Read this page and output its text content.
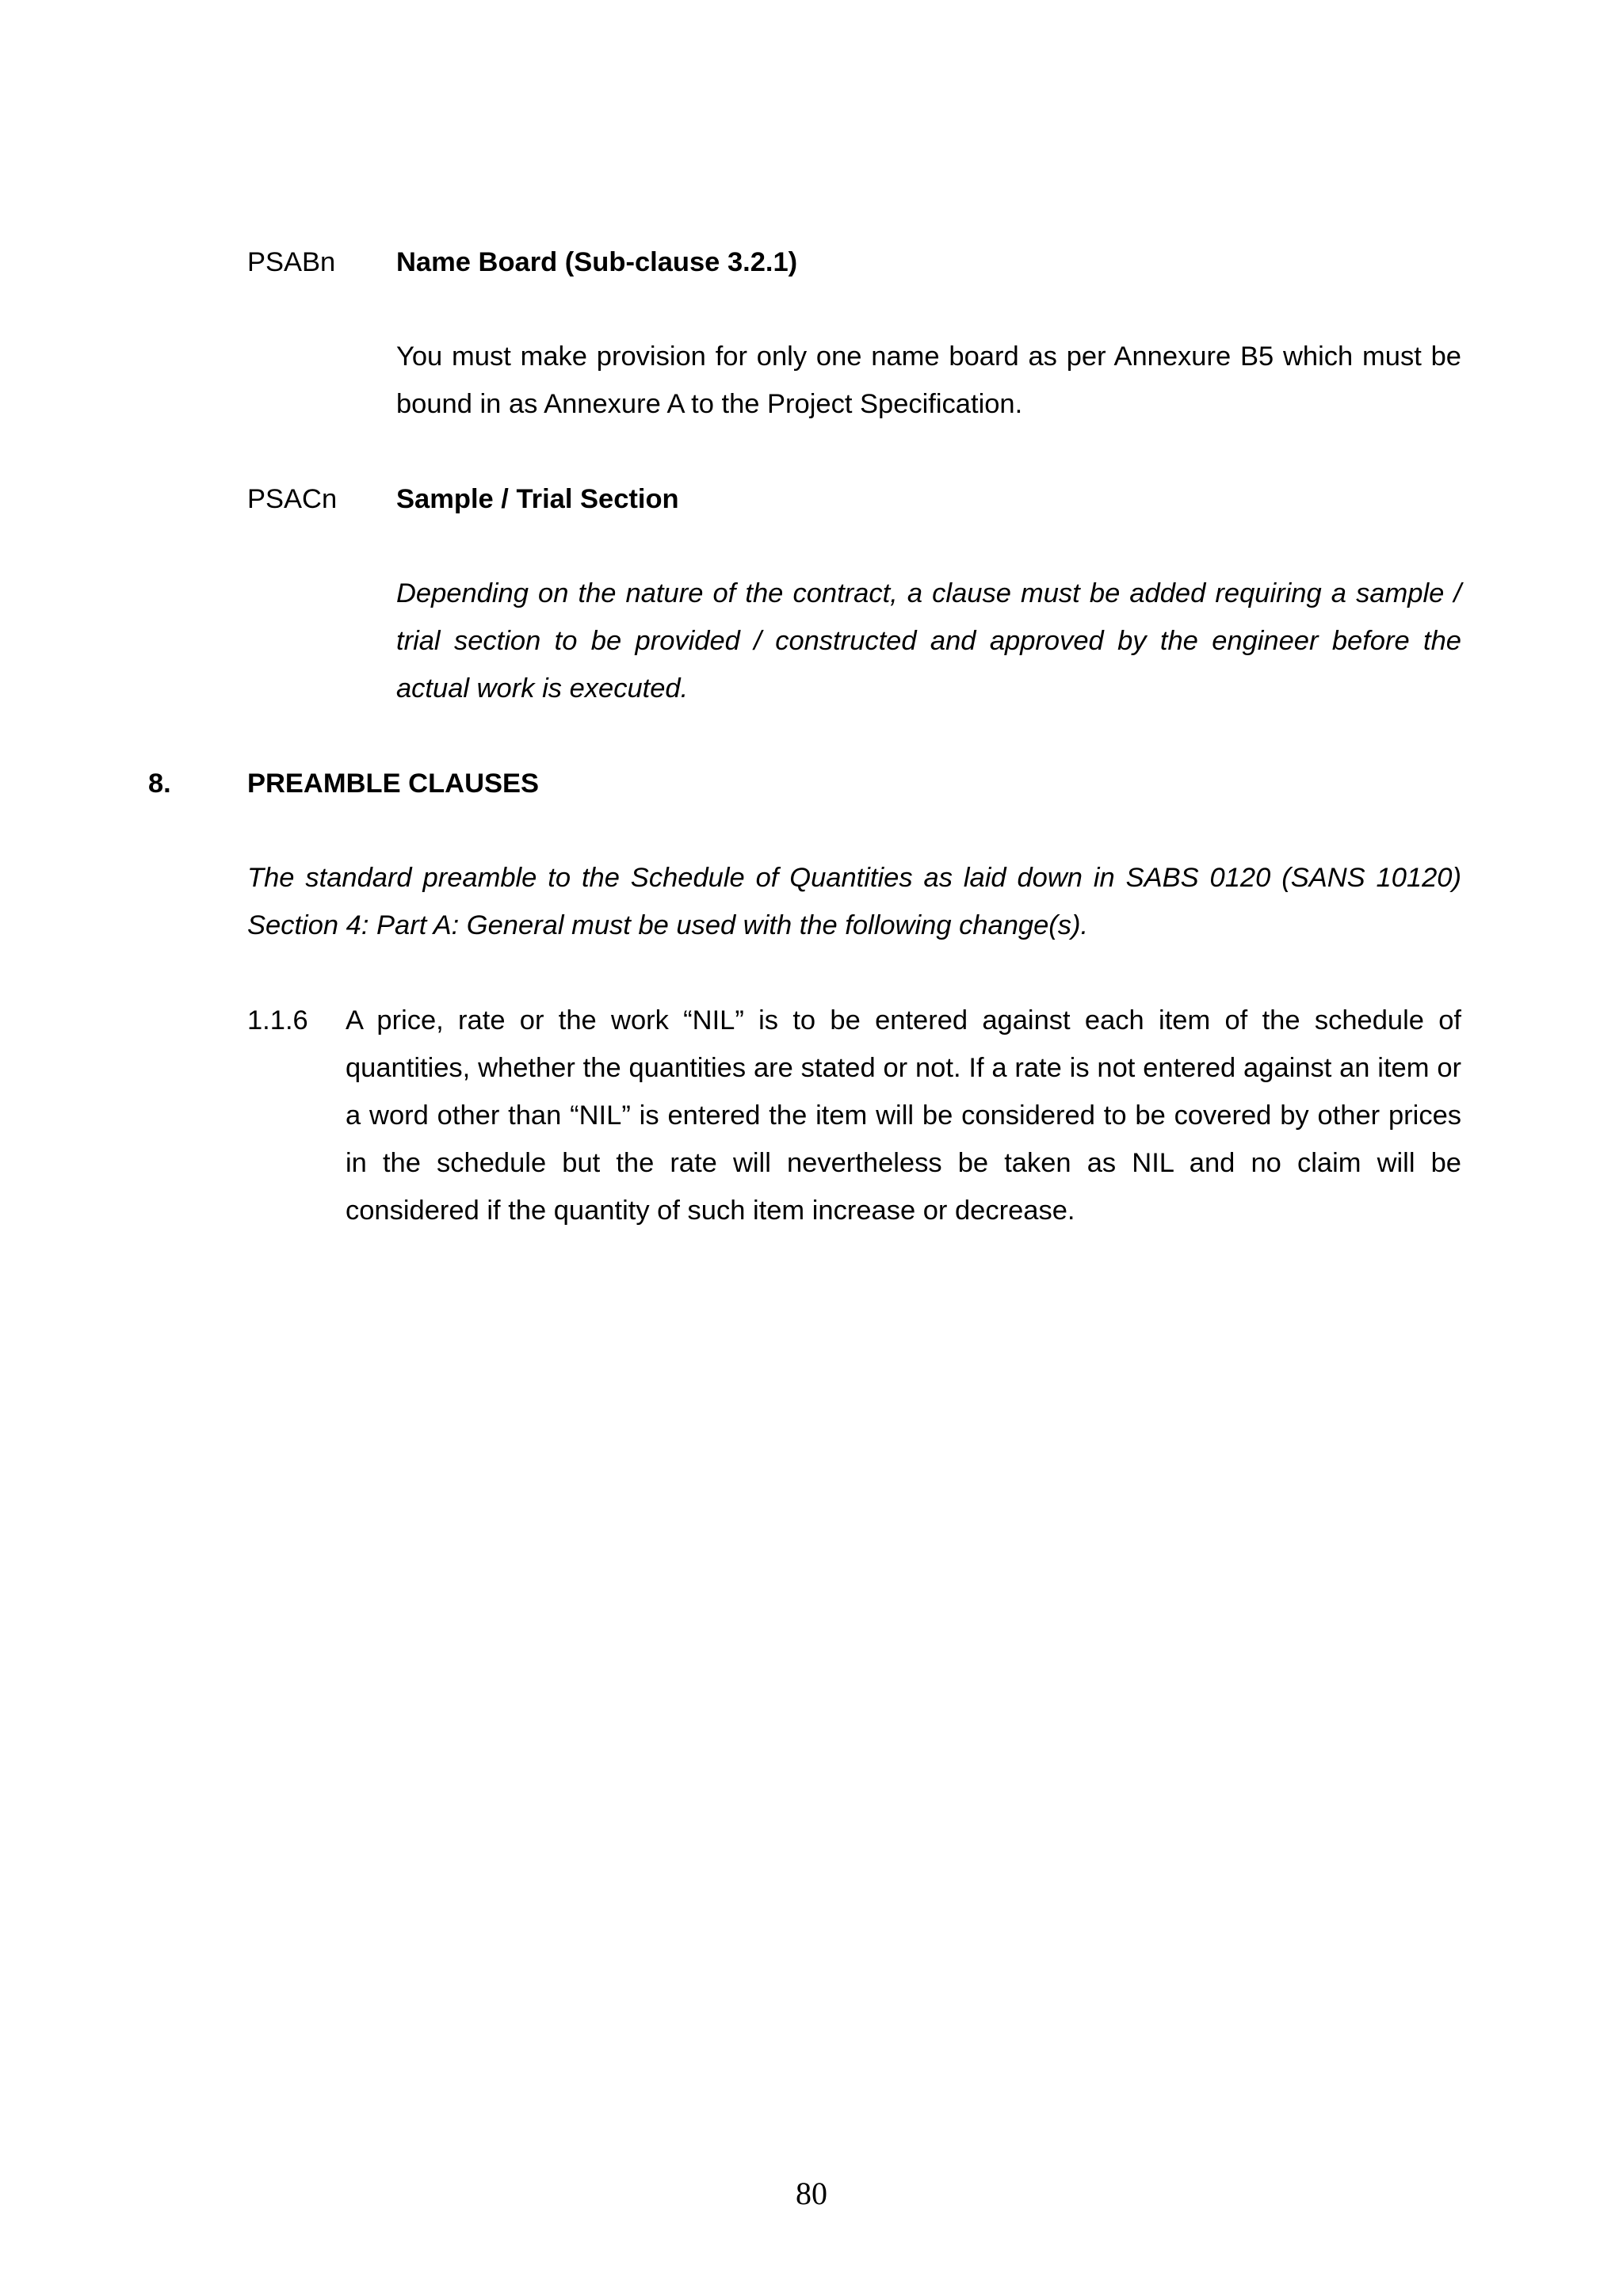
PSABn Name Board (Sub-clause 3.2.1)
You must make provision for only one name board as per Annexure B5 which must be bound in as Annexure A to the Project Specification.
PSACn Sample / Trial Section
Depending on the nature of the contract, a clause must be added requiring a sample / trial section to be provided / constructed and approved by the engineer before the actual work is executed.
8.	PREAMBLE CLAUSES
The standard preamble to the Schedule of Quantities as laid down in SABS 0120 (SANS 10120) Section 4: Part A: General must be used with the following change(s).
1.1.6 A price, rate or the work “NIL” is to be entered against each item of the schedule of quantities, whether the quantities are stated or not. If a rate is not entered against an item or a word other than “NIL” is entered the item will be considered to be covered by other prices in the schedule but the rate will nevertheless be taken as NIL and no claim will be considered if the quantity of such item increase or decrease.
80
